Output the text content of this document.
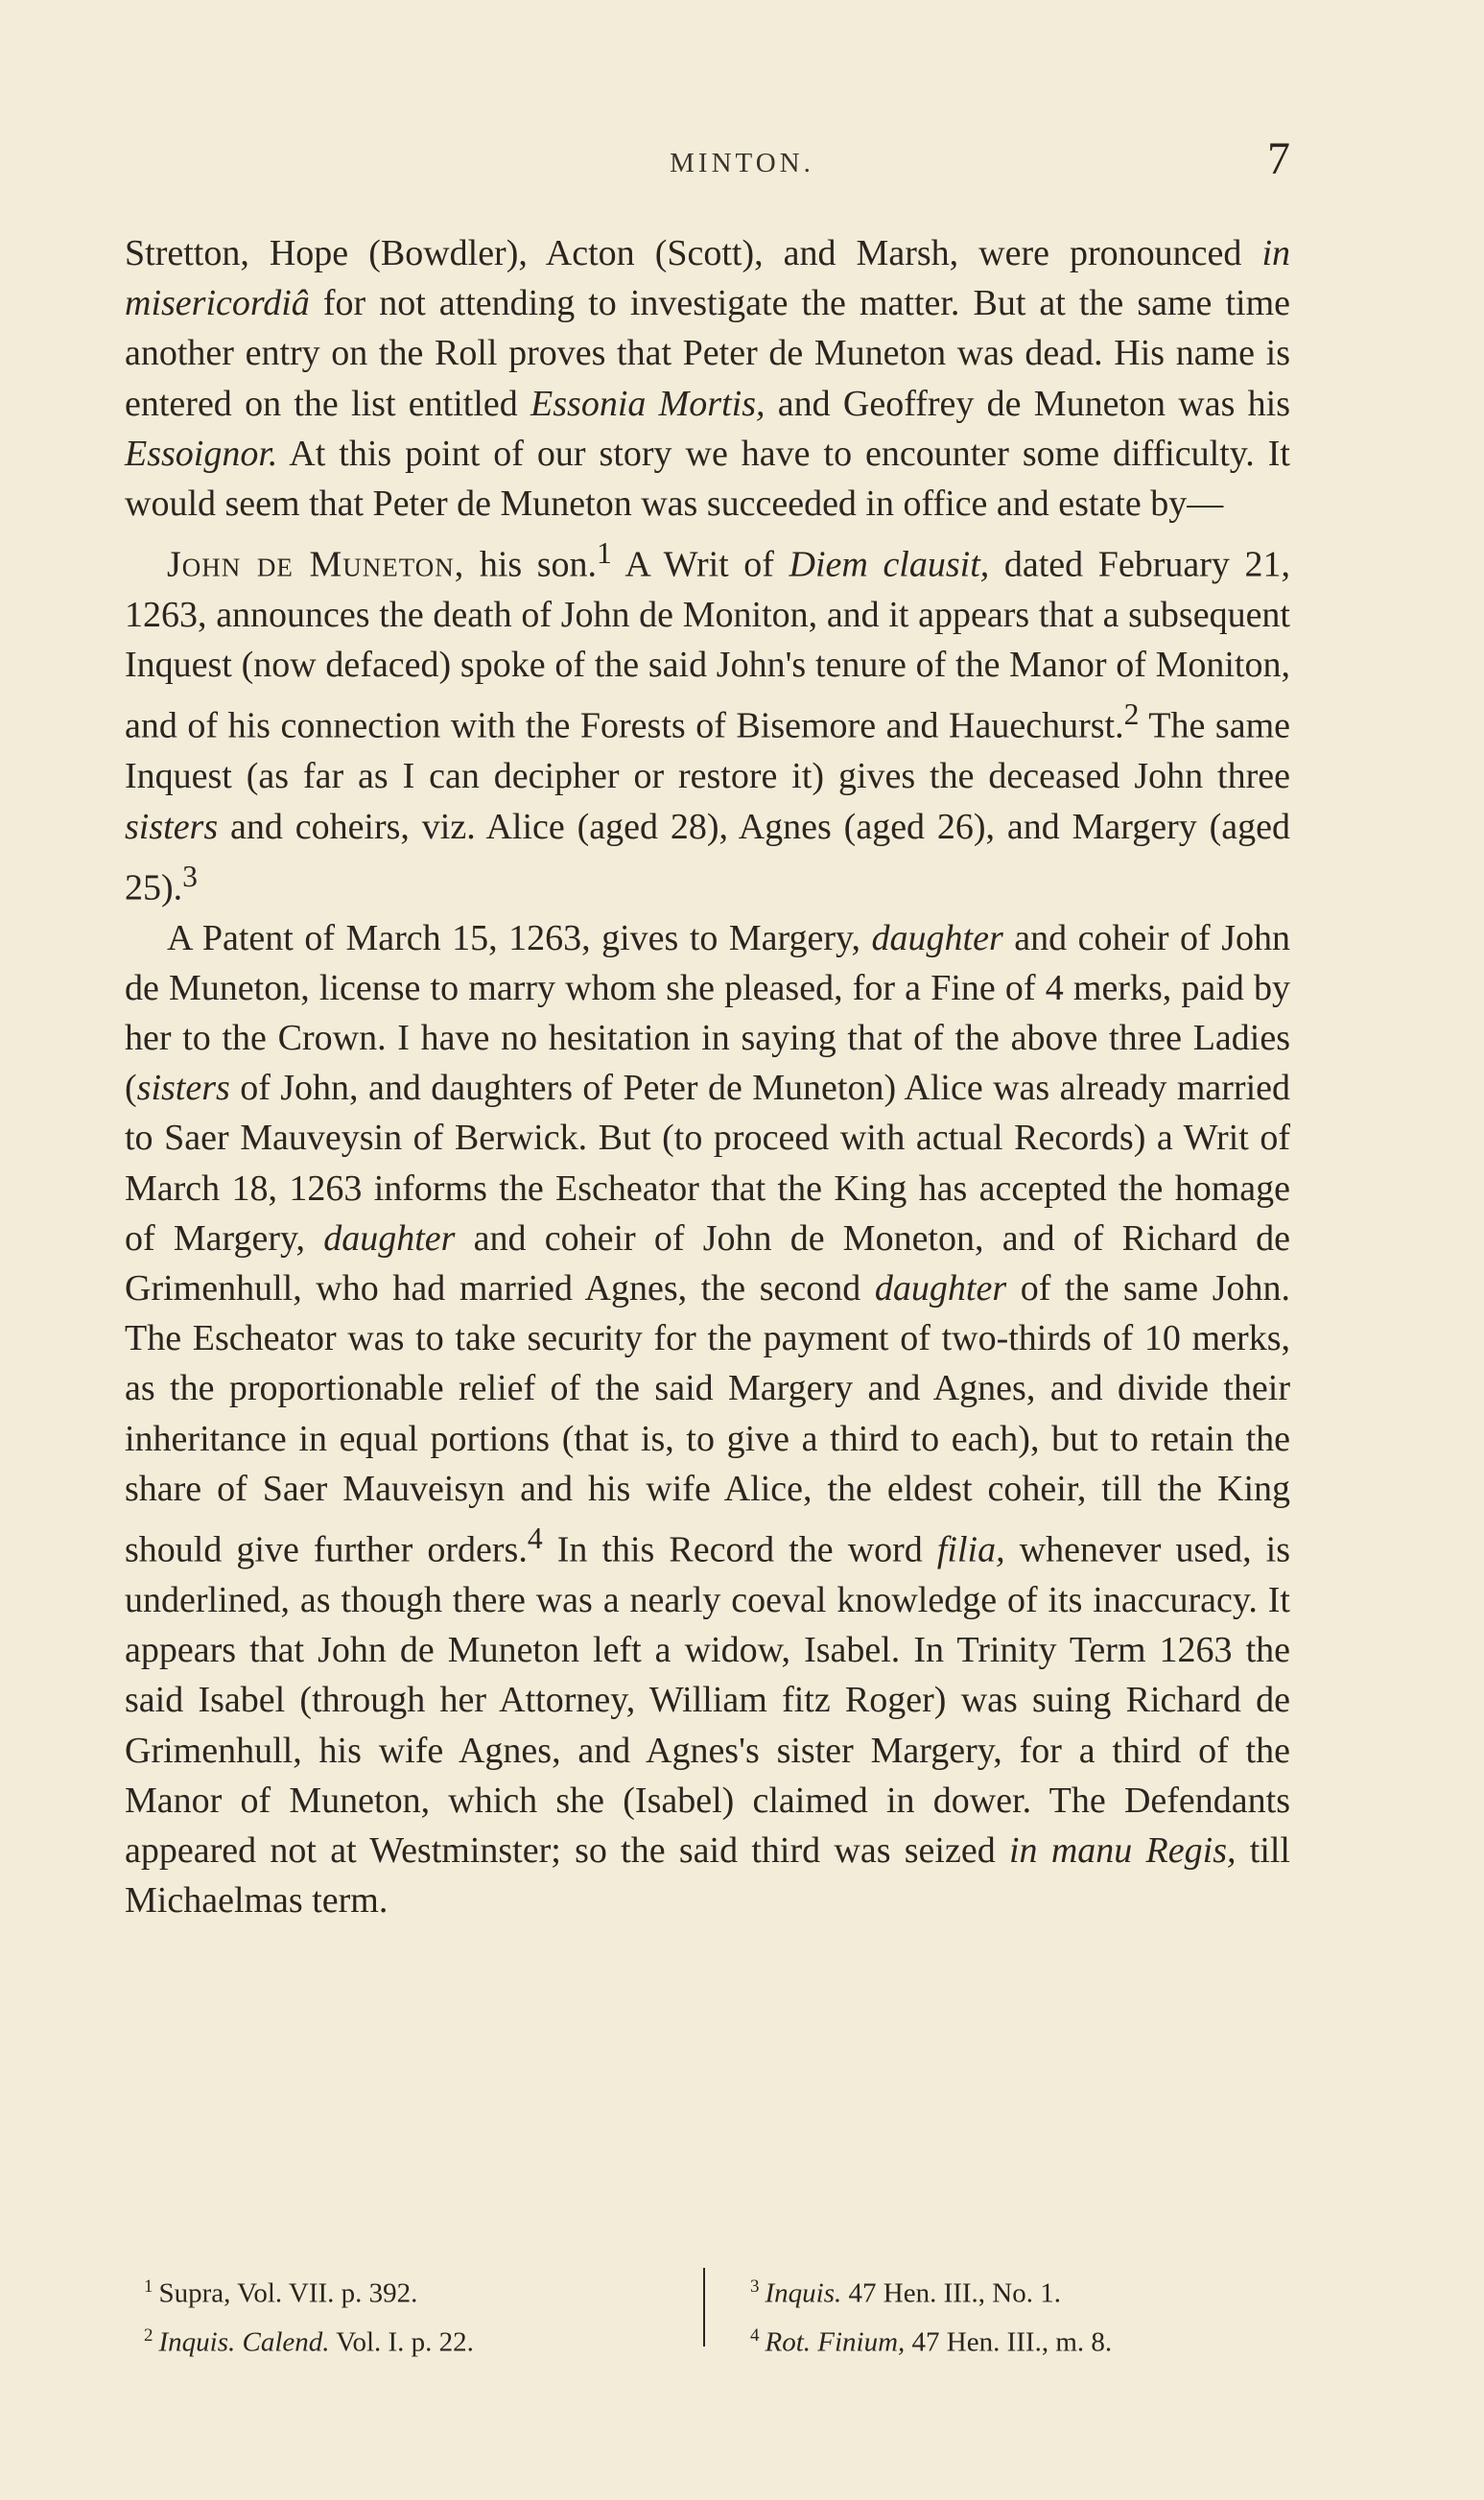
MINTON.	7

Stretton, Hope (Bowdler), Acton (Scott), and Marsh, were pronounced in misericordiâ for not attending to investigate the matter. But at the same time another entry on the Roll proves that Peter de Muneton was dead. His name is entered on the list entitled Essonia Mortis, and Geoffrey de Muneton was his Essoignor. At this point of our story we have to encounter some difficulty. It would seem that Peter de Muneton was succeeded in office and estate by—

John de Muneton, his son.$^1$ A Writ of Diem clausit, dated February 21, 1263, announces the death of John de Moniton, and it appears that a subsequent Inquest (now defaced) spoke of the said John's tenure of the Manor of Moniton, and of his connection with the Forests of Bisemore and Hauechurst.$^2$ The same Inquest (as far as I can decipher or restore it) gives the deceased John three sisters and coheirs, viz. Alice (aged 28), Agnes (aged 26), and Margery (aged 25).$^3$

A Patent of March 15, 1263, gives to Margery, daughter and coheir of John de Muneton, license to marry whom she pleased, for a Fine of 4 merks, paid by her to the Crown. I have no hesitation in saying that of the above three Ladies (sisters of John, and daughters of Peter de Muneton) Alice was already married to Saer Mauveysin of Berwick. But (to proceed with actual Records) a Writ of March 18, 1263 informs the Escheator that the King has accepted the homage of Margery, daughter and coheir of John de Moneton, and of Richard de Grimenhull, who had married Agnes, the second daughter of the same John. The Escheator was to take security for the payment of two-thirds of 10 merks, as the proportionable relief of the said Margery and Agnes, and divide their inheritance in equal portions (that is, to give a third to each), but to retain the share of Saer Mauveisyn and his wife Alice, the eldest coheir, till the King should give further orders.$^4$ In this Record the word filia, whenever used, is underlined, as though there was a nearly coeval knowledge of its inaccuracy. It appears that John de Muneton left a widow, Isabel. In Trinity Term 1263 the said Isabel (through her Attorney, William fitz Roger) was suing Richard de Grimenhull, his wife Agnes, and Agnes's sister Margery, for a third of the Manor of Muneton, which she (Isabel) claimed in dower. The Defendants appeared not at Westminster; so the said third was seized in manu Regis, till Michaelmas term.

$^1$ Supra, Vol. VII. p. 392.
$^2$ Inquis. Calend. Vol. I. p. 22.
$^3$ Inquis. 47 Hen. III., No. 1.
$^4$ Rot. Finium, 47 Hen. III., m. 8.
